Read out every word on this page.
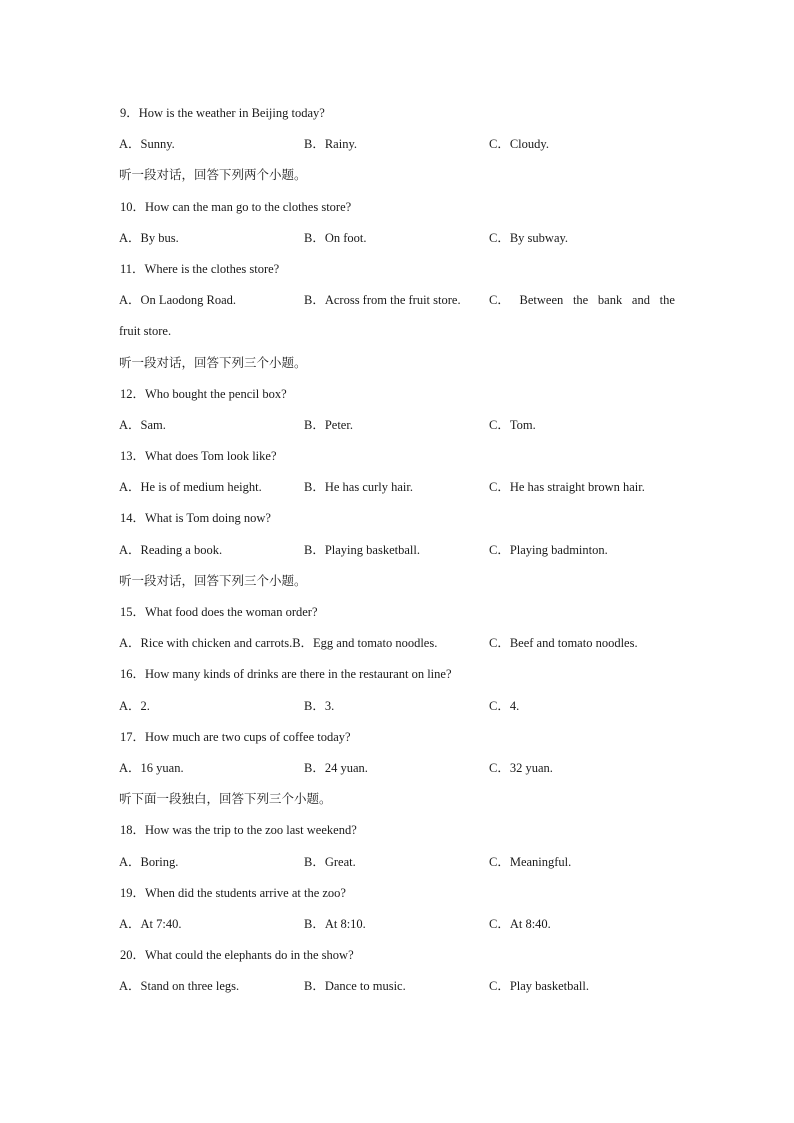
9．How is the weather in Beijing today?
A．Sunny.	B．Rainy.	C．Cloudy.
听一段对话，回答下列两个小题。
10．How can the man go to the clothes store?
A．By bus.	B．On foot.	C．By subway.
11．Where is the clothes store?
A．On Laodong Road.	B．Across from the fruit store. C． Between the bank and the
fruit store.
听一段对话，回答下列三个小题。
12．Who bought the pencil box?
A．Sam.	B．Peter.	C．Tom.
13．What does Tom look like?
A．He is of medium height.	B．He has curly hair.	C．He has straight brown hair.
14．What is Tom doing now?
A．Reading a book.	B．Playing basketball.	C．Playing badminton.
听一段对话，回答下列三个小题。
15．What food does the woman order?
A．Rice with chicken and carrots.B．Egg and tomato noodles.	C．Beef and tomato noodles.
16．How many kinds of drinks are there in the restaurant on line?
A．2.	B．3.	C．4.
17．How much are two cups of coffee today?
A．16 yuan.	B．24 yuan.	C．32 yuan.
听下面一段独白，回答下列三个小题。
18．How was the trip to the zoo last weekend?
A．Boring.	B．Great.	C．Meaningful.
19．When did the students arrive at the zoo?
A．At 7:40.	B．At 8:10.	C．At 8:40.
20．What could the elephants do in the show?
A．Stand on three legs.	B．Dance to music.	C．Play basketball.
